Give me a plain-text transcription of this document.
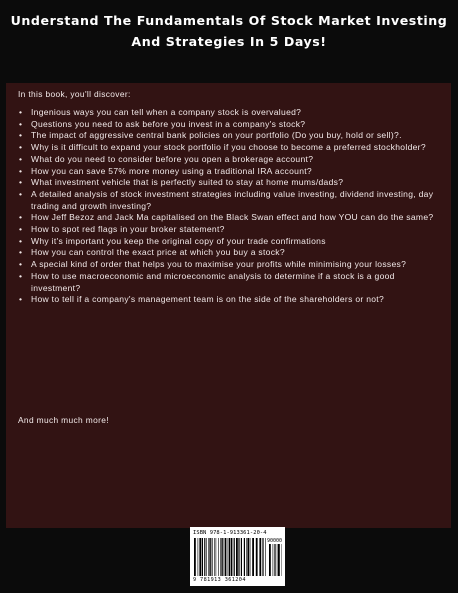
Understand The Fundamentals Of Stock Market Investing And Strategies In 5 Days!

In this book, you'll discover:

• Ingenious ways you can tell when a company stock is overvalued?
• Questions you need to ask before you invest in a company's stock?
• The impact of aggressive central bank policies on your portfolio (Do you buy, hold or sell)?.
• Why is it difficult to expand your stock portfolio if you choose to become a preferred stockholder?
• What do you need to consider before you open a brokerage account?
• How you can save 57% more money using a traditional IRA account?
• What investment vehicle that is perfectly suited to stay at home mums/dads?
• A detailed analysis of stock investment strategies including value investing, dividend investing, day trading and growth investing?
• How Jeff Bezoz and Jack Ma capitalised on the Black Swan effect and how YOU can do the same?
• How to spot red flags in your broker statement?
• Why it's important you keep the original copy of your trade confirmations
• How you can control the exact price at which you buy a stock?
• A special kind of order that helps you to maximise your profits while minimising your losses?
• How to use macroeconomic and microeconomic analysis to determine if a stock is a good investment?
• How to tell if a company's management team is on the side of the shareholders or not?

And much much more!

ISBN 978-1-913361-20-4
90000
9 781913 361204
